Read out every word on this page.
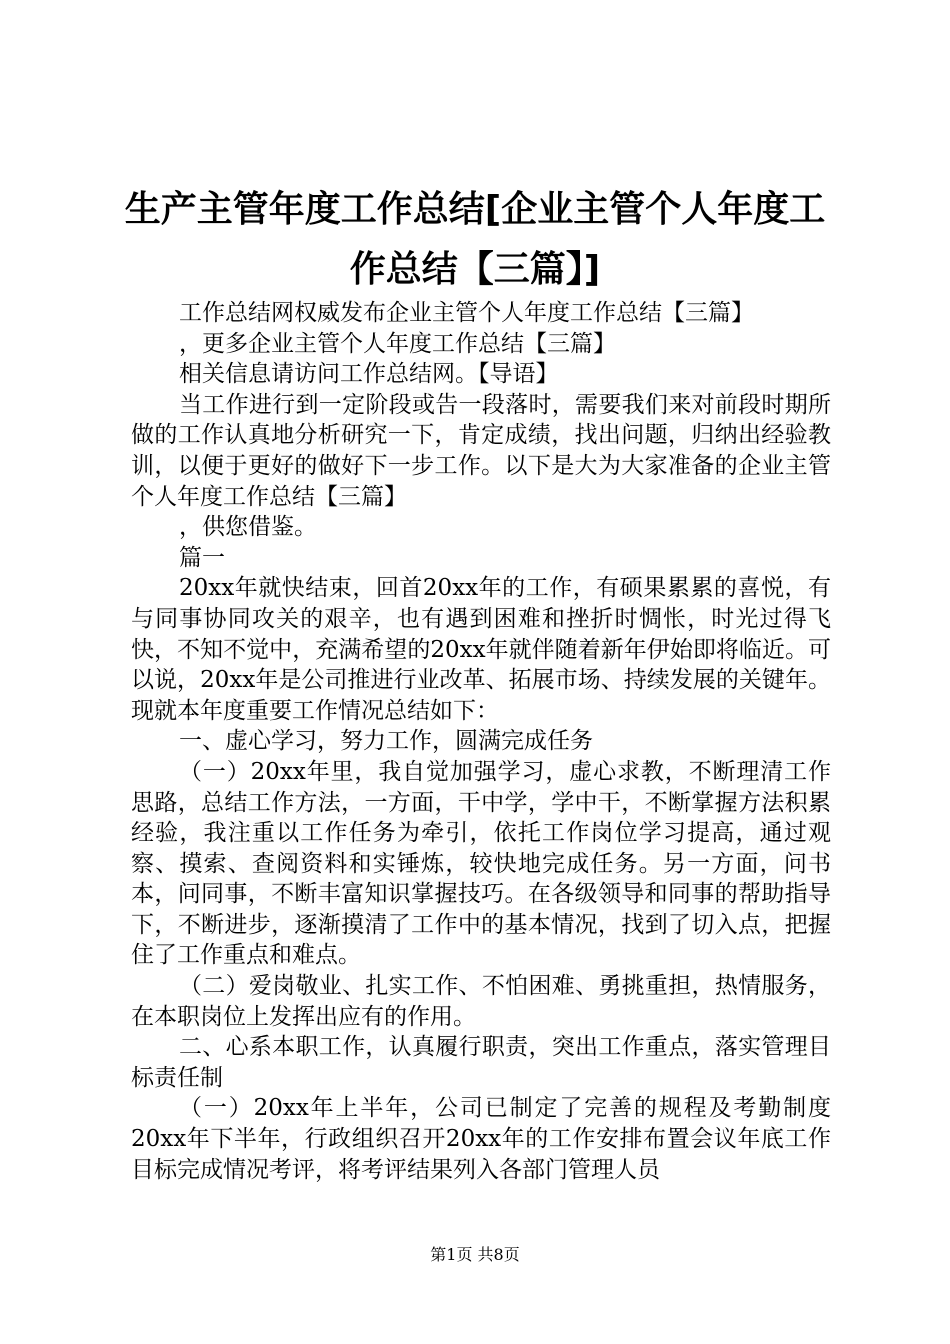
生产主管年度工作总结[企业主管个人年度工
作总结【三篇】]

工作总结网权威发布企业主管个人年度工作总结【三篇】

，更多企业主管个人年度工作总结【三篇】

相关信息请访问工作总结网。【导语】

当工作进行到一定阶段或告一段落时，需要我们来对前段时期所做的工作认真地分析研究一下，肯定成绩，找出问题，归纳出经验教训，以便于更好的做好下一步工作。以下是大为大家准备的企业主管个人年度工作总结【三篇】

，供您借鉴。

篇一

20xx年就快结束，回首20xx年的工作，有硕果累累的喜悦，有与同事协同攻关的艰辛，也有遇到困难和挫折时惆怅，时光过得飞快，不知不觉中，充满希望的20xx年就伴随着新年伊始即将临近。可以说，20xx年是公司推进行业改革、拓展市场、持续发展的关键年。现就本年度重要工作情况总结如下：

一、虚心学习，努力工作，圆满完成任务

（一）20xx年里，我自觉加强学习，虚心求教，不断理清工作思路，总结工作方法，一方面，干中学，学中干，不断掌握方法积累经验，我注重以工作任务为牵引，依托工作岗位学习提高，通过观察、摸索、查阅资料和实锤炼，较快地完成任务。另一方面，问书本，问同事，不断丰富知识掌握技巧。在各级领导和同事的帮助指导下，不断进步，逐渐摸清了工作中的基本情况，找到了切入点，把握住了工作重点和难点。

（二）爱岗敬业、扎实工作、不怕困难、勇挑重担，热情服务，在本职岗位上发挥出应有的作用。

二、心系本职工作，认真履行职责，突出工作重点，落实管理目标责任制

（一）20xx年上半年，公司已制定了完善的规程及考勤制度20xx年下半年，行政组织召开20xx年的工作安排布置会议年底工作目标完成情况考评，将考评结果列入各部门管理人员

第1页 共8页
